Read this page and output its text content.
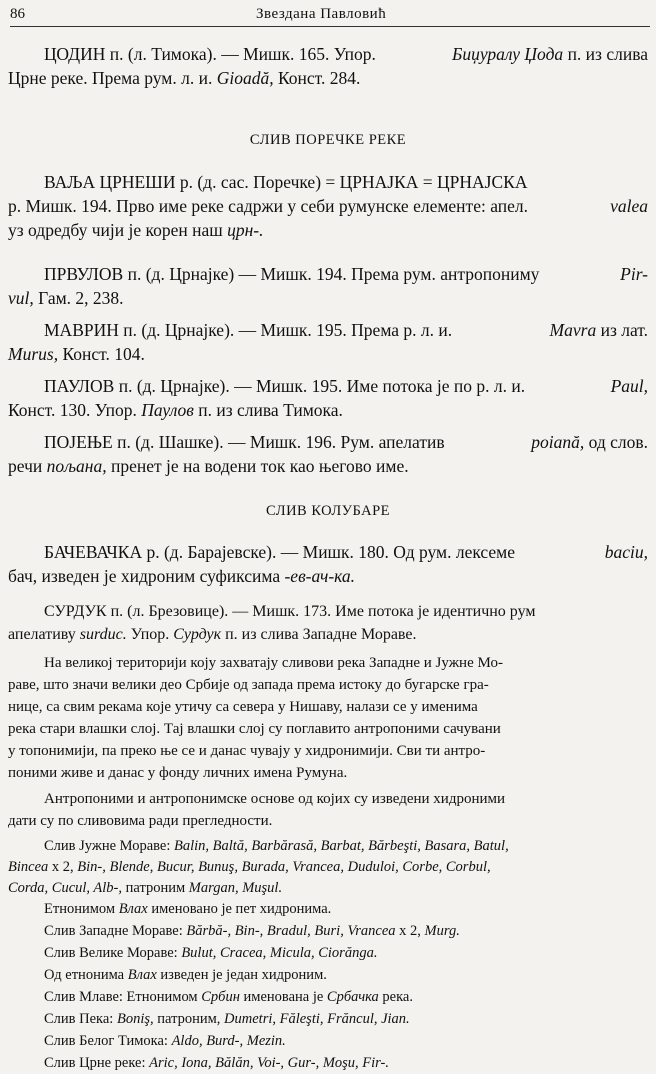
86	Звездана Павловић
ЦОДИН п. (л. Тимока). — Мишк. 165. Упор.	Биџуралу Џода п. из слива
Црне реке. Према рум. л. и. Gioadă, Конст. 284.
СЛИВ ПОРЕЧКЕ РЕКЕ
ВАЉА ЦРНЕШИ р. (д. сас. Поречке) = ЦРНАЈКА = ЦРНАЈСКА
р. Мишк. 194. Прво име реке садржи у себи румунске елементе: апел.	valea
уз одредбу чији је корен наш црн-.
ПРВУЛОВ п. (д. Црнајке) — Мишк. 194. Према рум. антропониму	Pir-
vul, Гам. 2, 238.
МАВРИН п. (д. Црнајке). — Мишк. 195. Према р. л. и.	Mavra из лат.
Murus, Конст. 104.
ПАУЛОВ п. (д. Црнајке). — Мишк. 195. Име потока је по р. л. и.	Paul,
Конст. 130. Упор. Паулов п. из слива Тимока.
ПОЈЕЊЕ п. (д. Шашке). — Мишк. 196. Рум. апелатив	poiană, од слов.
речи пољана, пренет је на водени ток као његово име.
СЛИВ КОЛУБАРЕ
БАЧЕВАЧКА р. (д. Барајевске). — Мишк. 180. Од рум. лексеме	baciu,
бач, изведен је хидроним суфиксима -ев-ач-ка.
СУРДУК п. (л. Брезовице). — Мишк. 173. Име потока је идентично рум
апелативу surduc. Упор. Сурдук п. из слива Западне Мораве.
На великој територији коју захватају сливови река Западне и Јужне Мо-
раве, што значи велики део Србије од запада према истоку до бугарске гра-
нице, са свим рекама које утичу са севера у Нишаву, налази се у именима
река стари влашки слој. Тај влашки слој су поглавито антропоними сачувани
у топонимији, па преко ње се и данас чувају у хидронимији. Сви ти антро-
поними живе и данас у фонду личних имена Румуна.
Антропоними и антропонимске основе од којих су изведени хидроними
дати су по сливовима ради прегледности.
Слив Јужне Мораве: Balin, Baltă, Barbărasă, Barbat, Bărbeşti, Basara, Batul,
Bincea x 2, Bin-, Blende, Bucur, Bunuş, Burada, Vrancea, Duduloi, Corbe, Corbul,
Corda, Cucul, Alb-, патроним Margan, Muşul.
Етнонимом Влах именовано је пет хидронима.
Слив Западне Мораве: Bărbă-, Bin-, Bradul, Buri, Vrancea x 2, Murg.
Слив Велике Мораве: Bulut, Cracea, Micula, Ciorănga.
Од етнонима Влах изведен је један хидроним.
Слив Млаве: Етнонимом Србин именована је Србачка река.
Слив Пека: Boniş, патроним, Dumetri, Făleşti, Frăncul, Jian.
Слив Белог Тимока: Aldo, Burd-, Mezin.
Слив Црне реке: Aric, Iona, Bălăn, Voi-, Gur-, Moşu, Fir-.
